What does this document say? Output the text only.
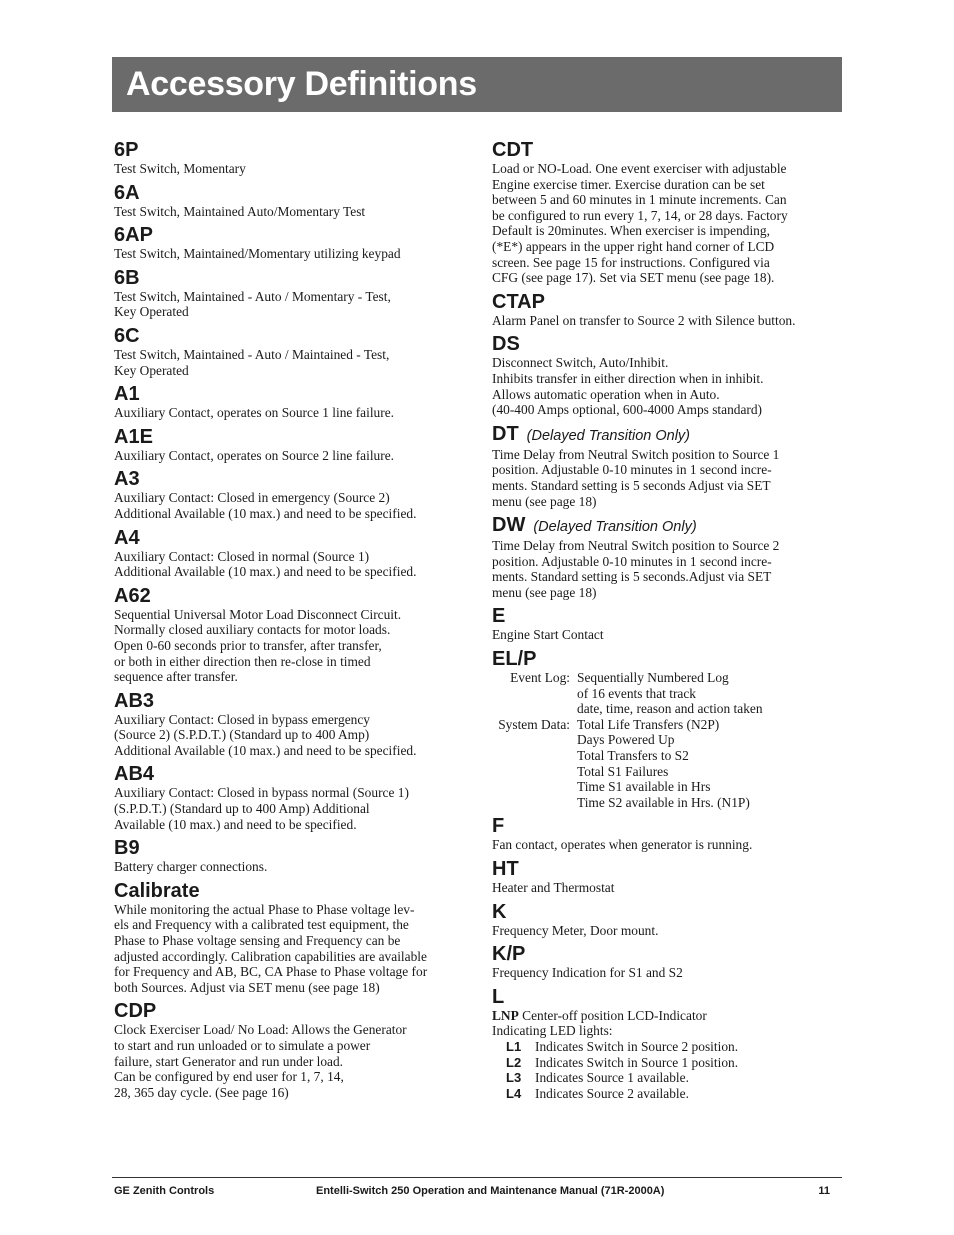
Accessory Definitions
6P
Test Switch, Momentary
6A
Test Switch, Maintained Auto/Momentary Test
6AP
Test Switch, Maintained/Momentary utilizing keypad
6B
Test Switch, Maintained - Auto / Momentary - Test,
Key Operated
6C
Test Switch, Maintained - Auto / Maintained - Test,
Key Operated
A1
Auxiliary Contact, operates on Source 1 line failure.
A1E
Auxiliary Contact, operates on Source 2 line failure.
A3
Auxiliary Contact: Closed in emergency (Source 2)
Additional Available (10 max.) and need to be specified.
A4
Auxiliary Contact: Closed in normal (Source 1)
Additional Available (10 max.) and need to be specified.
A62
Sequential Universal Motor Load Disconnect Circuit.
Normally closed auxiliary contacts for motor loads.
Open 0-60 seconds prior to transfer, after transfer,
or both in either direction then re-close in timed
sequence after transfer.
AB3
Auxiliary Contact: Closed in bypass emergency
(Source 2) (S.P.D.T.) (Standard up to 400 Amp)
Additional Available (10 max.) and need to be specified.
AB4
Auxiliary Contact: Closed in bypass normal (Source 1)
(S.P.D.T.) (Standard up to 400 Amp) Additional
Available (10 max.) and need to be specified.
B9
Battery charger connections.
Calibrate
While monitoring the actual Phase to Phase voltage lev-
els and Frequency with a calibrated test equipment, the
Phase to Phase voltage sensing and Frequency can be
adjusted accordingly. Calibration capabilities are available
for Frequency and AB, BC, CA Phase to Phase voltage for
both Sources. Adjust via SET menu (see page 18)
CDP
Clock Exerciser Load/ No Load: Allows the Generator
to start and run unloaded or to simulate a power
failure, start Generator and run under load.
Can be configured by end user for 1, 7, 14,
28, 365 day cycle. (See page 16)
CDT
Load or NO-Load. One event exerciser with adjustable
Engine exercise timer. Exercise duration can be set
between 5 and 60 minutes in 1 minute increments. Can
be configured to run every 1, 7, 14, or 28 days. Factory
Default is 20minutes. When exerciser is impending,
(*E*) appears in the upper right hand corner of LCD
screen. See page 15 for instructions. Configured via
CFG (see page 17). Set via SET menu (see page 18).
CTAP
Alarm Panel on transfer to Source 2 with Silence button.
DS
Disconnect Switch, Auto/Inhibit.
Inhibits transfer in either direction when in inhibit.
Allows automatic operation when in Auto.
(40-400 Amps optional, 600-4000 Amps standard)
DT (Delayed Transition Only)
Time Delay from Neutral Switch position to Source 1
position. Adjustable 0-10 minutes in 1 second incre-
ments. Standard setting is 5 seconds Adjust via SET
menu (see page 18)
DW (Delayed Transition Only)
Time Delay from Neutral Switch position to Source 2
position. Adjustable 0-10 minutes in 1 second incre-
ments. Standard setting is 5 seconds.Adjust via SET
menu (see page 18)
E
Engine Start Contact
EL/P
Event Log:	Sequentially Numbered Log
	of 16 events that track
	date, time, reason and action taken
System Data:	Total Life Transfers (N2P)
	Days Powered Up
	Total Transfers to S2
	Total S1 Failures
	Time S1 available in Hrs
	Time S2 available in Hrs. (N1P)
F
Fan contact, operates when generator is running.
HT
Heater and Thermostat
K
Frequency Meter, Door mount.
K/P
Frequency Indication for S1 and S2
L
LNP Center-off position LCD-Indicator
Indicating LED lights:
L1	Indicates Switch in Source 2 position.
L2	Indicates Switch in Source 1 position.
L3	Indicates Source 1 available.
L4	Indicates Source 2 available.
GE Zenith Controls	Entelli-Switch 250 Operation and Maintenance Manual (71R-2000A)	11
